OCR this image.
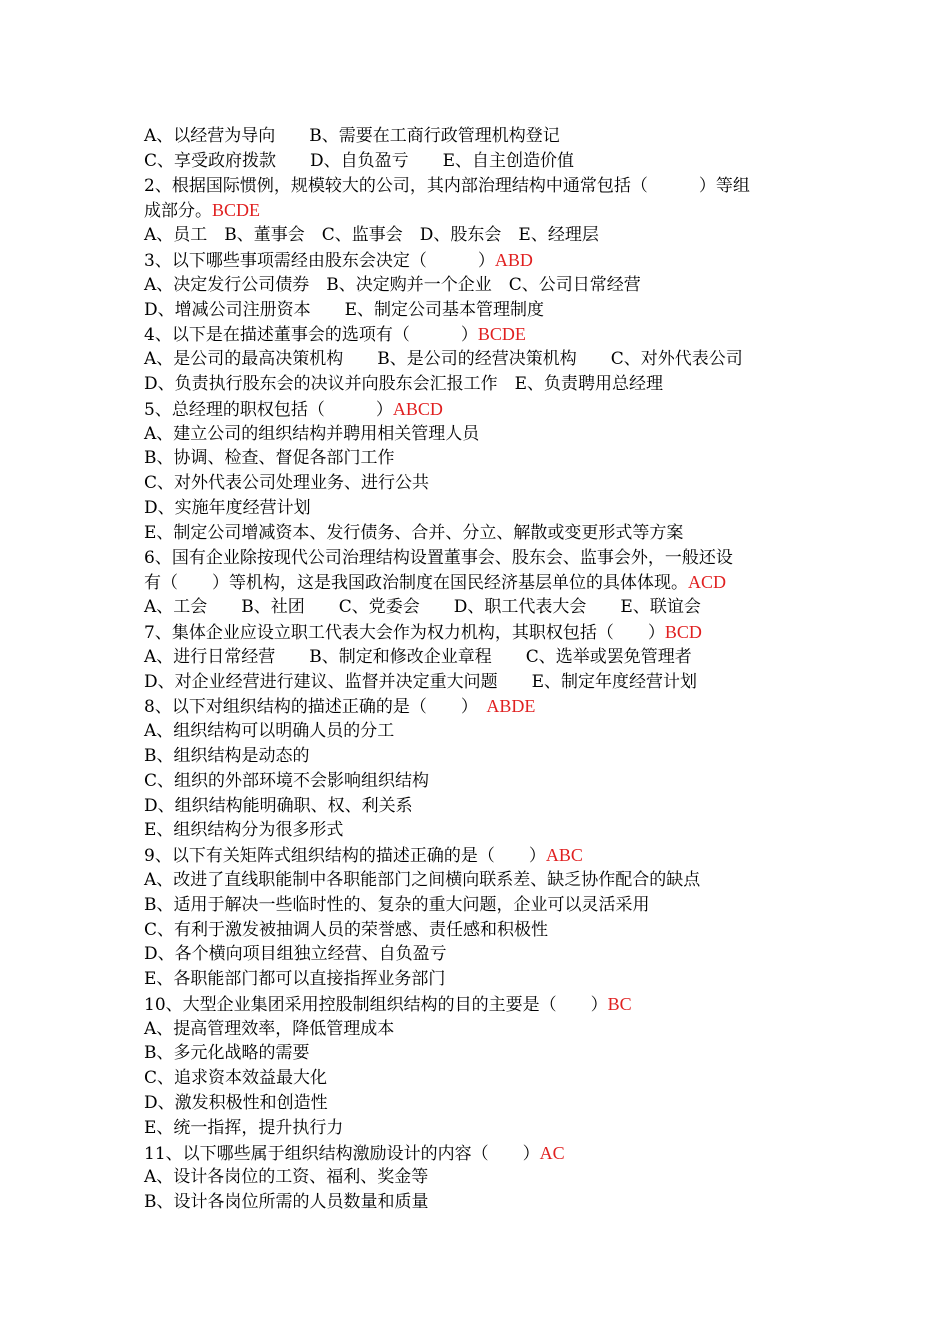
A、以经营为导向　　B、需要在工商行政管理机构登记
C、享受政府拨款　　D、自负盈亏　　E、自主创造价值
2、根据国际惯例，规模较大的公司，其内部治理结构中通常包括（　　　）等组
成部分。BCDE
A、员工　B、董事会　C、监事会　D、股东会　E、经理层
3、以下哪些事项需经由股东会决定（　　　）ABD
A、决定发行公司债券　B、决定购并一个企业　C、公司日常经营
D、增减公司注册资本　　E、制定公司基本管理制度
4、以下是在描述董事会的选项有（　　　）BCDE
A、是公司的最高决策机构　　B、是公司的经营决策机构　　C、对外代表公司
D、负责执行股东会的决议并向股东会汇报工作　E、负责聘用总经理
5、总经理的职权包括（　　　）ABCD
A、建立公司的组织结构并聘用相关管理人员
B、协调、检查、督促各部门工作
C、对外代表公司处理业务、进行公共
D、实施年度经营计划
E、制定公司增减资本、发行债务、合并、分立、解散或变更形式等方案
6、国有企业除按现代公司治理结构设置董事会、股东会、监事会外，一般还设
有（　　）等机构，这是我国政治制度在国民经济基层单位的具体体现。ACD
A、工会　　B、社团　　C、党委会　　D、职工代表大会　　E、联谊会
7、集体企业应设立职工代表大会作为权力机构，其职权包括（　　）BCD
A、进行日常经营　　B、制定和修改企业章程　　C、选举或罢免管理者
D、对企业经营进行建议、监督并决定重大问题　　E、制定年度经营计划
8、以下对组织结构的描述正确的是（　　）　ABDE
A、组织结构可以明确人员的分工
B、组织结构是动态的
C、组织的外部环境不会影响组织结构
D、组织结构能明确职、权、利关系
E、组织结构分为很多形式
9、以下有关矩阵式组织结构的描述正确的是（　　）ABC
A、改进了直线职能制中各职能部门之间横向联系差、缺乏协作配合的缺点
B、适用于解决一些临时性的、复杂的重大问题，企业可以灵活采用
C、有利于激发被抽调人员的荣誉感、责任感和积极性
D、各个横向项目组独立经营、自负盈亏
E、各职能部门都可以直接指挥业务部门
10、大型企业集团采用控股制组织结构的目的主要是（　　）BC
A、提高管理效率，降低管理成本
B、多元化战略的需要
C、追求资本效益最大化
D、激发积极性和创造性
E、统一指挥，提升执行力
11、以下哪些属于组织结构激励设计的内容（　　）AC
A、设计各岗位的工资、福利、奖金等
B、设计各岗位所需的人员数量和质量
